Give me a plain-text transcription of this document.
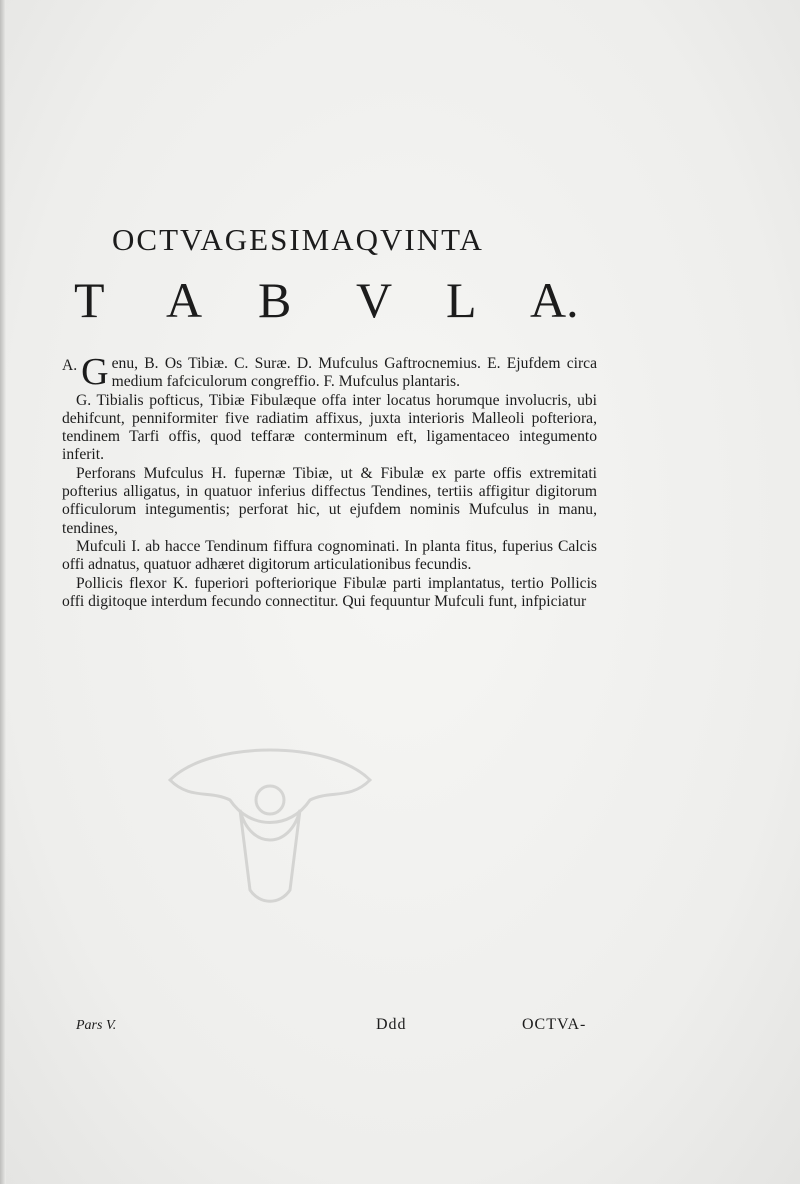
OCTVAGESIMAQVINTA
T A B V L A.

A. G enu, B. Os Tibiæ. C. Suræ. D. Mufculus Gaftrocnemius. E. Ejufdem circa medium fafciculorum congreffio. F. Mufculus plantaris.

G. Tibialis pofticus, Tibiæ Fibulæque offa inter locatus horumque involucris, ubi dehifcunt, penniformiter five radiatim affixus, juxta interioris Malleoli pofteriora, tendinem Tarfi offis, quod teffaræ conterminum eft, ligamentaceo integumento inferit.

Perforans Mufculus H. fupernæ Tibiæ, ut & Fibulæ ex parte offis extremitati pofterius alligatus, in quatuor inferius diffectus Tendines, tertiis affigitur digitorum officulorum integumentis; perforat hic, ut ejufdem nominis Mufculus in manu, tendines,

Mufculi I. ab hacce Tendinum fiffura cognominati. In planta fitus, fuperius Calcis offi adnatus, quatuor adhæret digitorum articulationibus fecundis.

Pollicis flexor K. fuperiori pofteriorique Fibulæ parti implantatus, tertio Pollicis offi digitoque interdum fecundo connectitur. Qui fequuntur Mufculi funt, infpiciatur

Pars V.	Ddd	OCTVA-
